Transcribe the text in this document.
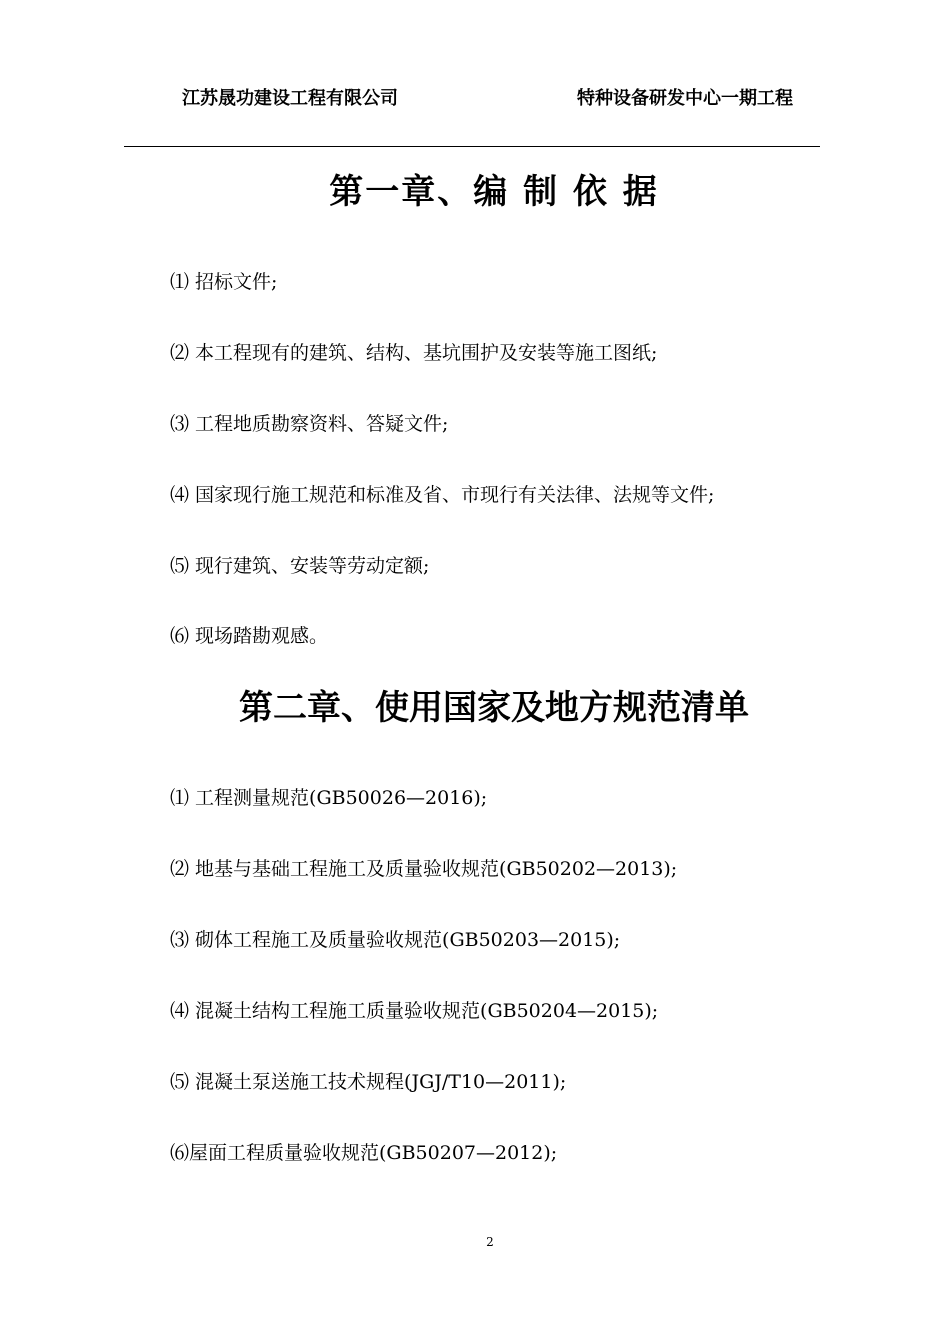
江苏晟功建设工程有限公司	特种设备研发中心一期工程
第一章、编 制 依 据
⑴ 招标文件;
⑵ 本工程现有的建筑、结构、基坑围护及安装等施工图纸;
⑶ 工程地质勘察资料、答疑文件;
⑷ 国家现行施工规范和标准及省、市现行有关法律、法规等文件;
⑸ 现行建筑、安装等劳动定额;
⑹ 现场踏勘观感。
第二章、使用国家及地方规范清单
⑴ 工程测量规范(GB50026—2016);
⑵ 地基与基础工程施工及质量验收规范(GB50202—2013);
⑶ 砌体工程施工及质量验收规范(GB50203—2015);
⑷ 混凝土结构工程施工质量验收规范(GB50204—2015);
⑸ 混凝土泵送施工技术规程(JGJ/T10—2011);
⑹屋面工程质量验收规范(GB50207—2012);
2
